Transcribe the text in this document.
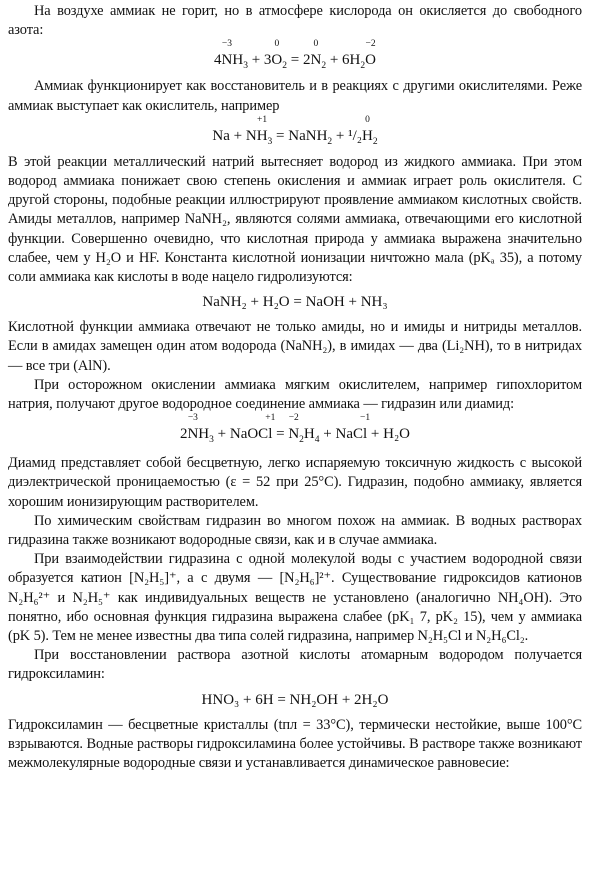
На воздухе аммиак не горит, но в атмосфере кислорода он окисляется до свободного азота:

4
−3
$NH_3 + 3$
0
$O_2 = 2$
0
$N_2 + 6H_2$
−2
O

Аммиак функционирует как восстановитель и в реакциях с другими окислителями. Реже аммиак выступает как окислитель, например

Na + N
+1
$H_3$ = NaNH$_2$ + ¹/₂
0
$H_2$

В этой реакции металлический натрий вытесняет водород из жидкого аммиака. При этом водород аммиака понижает свою степень окисления и аммиак играет роль окислителя. С другой стороны, подобные реакции иллюстрируют проявление аммиаком кислотных свойств. Амиды металлов, например NaNH₂, являются солями аммиака, отвечающими его кислотной функции. Совершенно очевидно, что кислотная природа у аммиака выражена значительно слабее, чем у H₂O и HF. Константа кислотной ионизации ничтожно мала (pKₐ 35), а потому соли аммиака как кислоты в воде нацело гидролизуются:

NaNH₂ + H₂O = NaOH + NH₃

Кислотной функции аммиака отвечают не только амиды, но и имиды и нитриды металлов. Если в амидах замещен один атом водорода (NaNH₂), в имидах — два (Li₂NH), то в нитридах — все три (AlN).

При осторожном окислении аммиака мягким окислителем, например гипохлоритом натрия, получают другое водородное соединение аммиака — гидразин или диамид:

2
−3
$NH_3$ + NaOC
+1
l =
−2
$N_2H_4$ + NaC
−1
l + H₂O

Диамид представляет собой бесцветную, легко испаряемую токсичную жидкость с высокой диэлектрической проницаемостью (ε = 52 при 25°C). Гидразин, подобно аммиаку, является хорошим ионизирующим растворителем.

По химическим свойствам гидразин во многом похож на аммиак. В водных растворах гидразина также возникают водородные связи, как и в случае аммиака.

При взаимодействии гидразина с одной молекулой воды с участием водородной связи образуется катион [N₂H₅]⁺, а с двумя — [N₂H₆]²⁺. Существование гидроксидов катионов N₂H₆²⁺ и N₂H₅⁺ как индивидуальных веществ не установлено (аналогично NH₄OH). Это понятно, ибо основная функция гидразина выражена слабее (pK₁ 7, pK₂ 15), чем у аммиака (pK 5). Тем не менее известны два типа солей гидразина, например N₂H₅Cl и N₂H₆Cl₂.

При восстановлении раствора азотной кислоты атомарным водородом получается гидроксиламин:

HNO₃ + 6H = NH₂OH + 2H₂O

Гидроксиламин — бесцветные кристаллы (tпл = 33°C), термически нестойкие, выше 100°C взрываются. Водные растворы гидроксиламина более устойчивы. В растворе также возникают межмолекулярные водородные связи и устанавливается динамическое равновесие:
